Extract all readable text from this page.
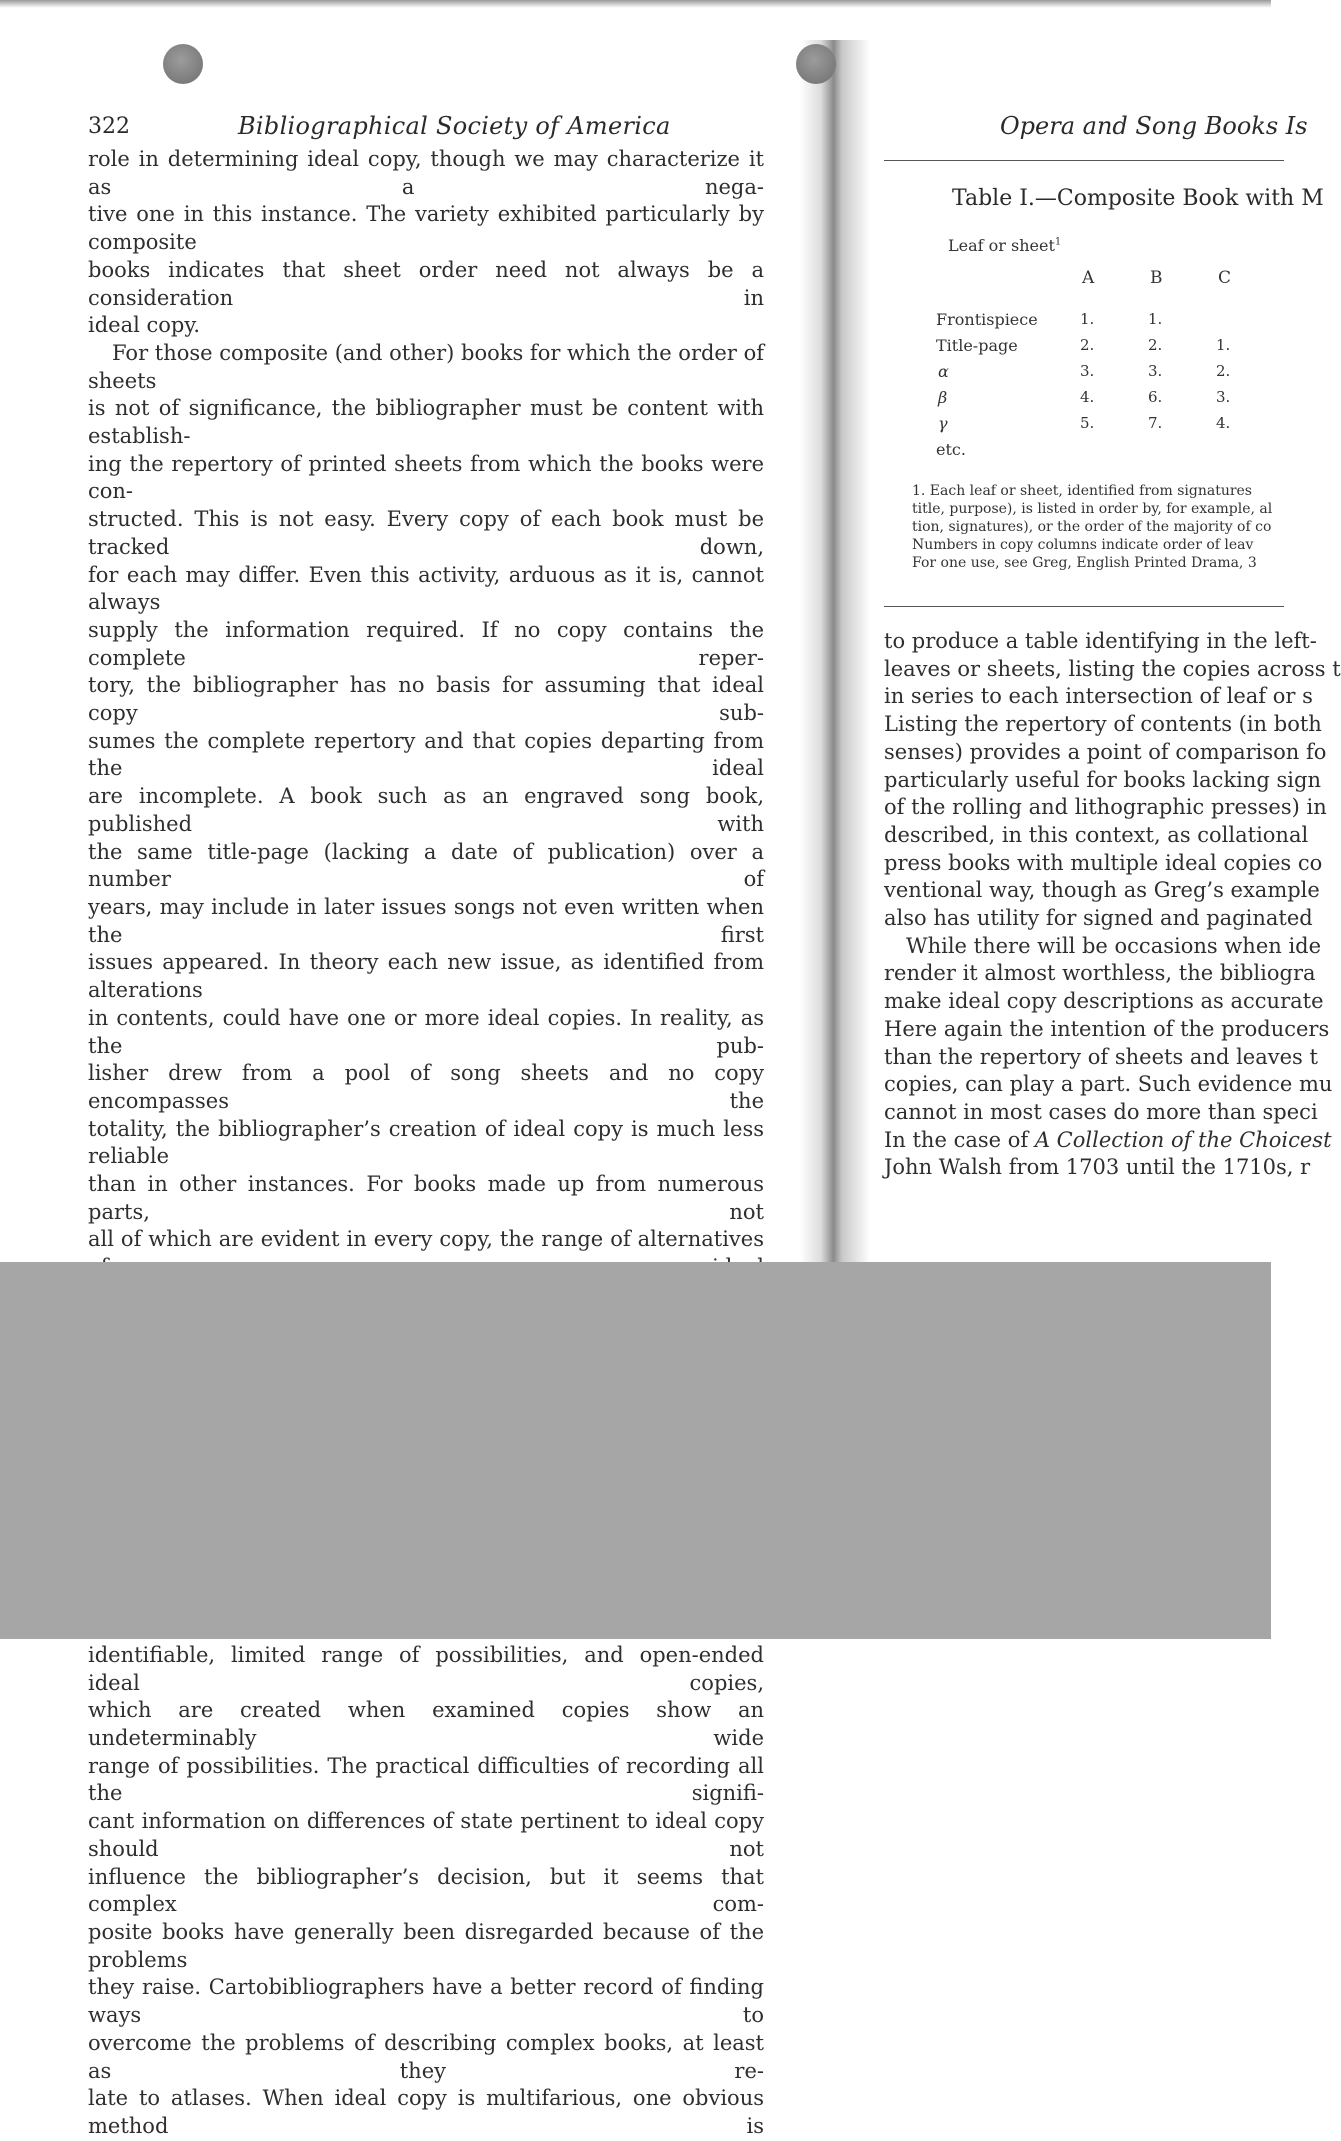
322	Bibliographical Society of America

role in determining ideal copy, though we may characterize it as a nega-

tive one in this instance. The variety exhibited particularly by composite

books indicates that sheet order need not always be a consideration in

ideal copy.

For those composite (and other) books for which the order of sheets

is not of significance, the bibliographer must be content with establish-

ing the repertory of printed sheets from which the books were con-

structed. This is not easy. Every copy of each book must be tracked down,

for each may differ. Even this activity, arduous as it is, cannot always

supply the information required. If no copy contains the complete reper-

tory, the bibliographer has no basis for assuming that ideal copy sub-

sumes the complete repertory and that copies departing from the ideal

are incomplete. A book such as an engraved song book, published with

the same title-page (lacking a date of publication) over a number of

years, may include in later issues songs not even written when the first

issues appeared. In theory each new issue, as identified from alterations

in contents, could have one or more ideal copies. In reality, as the pub-

lisher drew from a pool of song sheets and no copy encompasses the

totality, the bibliographer’s creation of ideal copy is much less reliable

than in other instances. For books made up from numerous parts, not

all of which are evident in every copy, the range of alternatives

identifiable, limited range of possibilities, and open-ended ideal copies,

which are created when examined copies show an undeterminably wide

range of possibilities. The practical difficulties of recording all the signifi-

cant information on differences of state pertinent to ideal copy should not

influence the bibliographer’s decision, but it seems that complex com-

posite books have generally been disregarded because of the problems

they raise. Cartobibliographers have a better record of finding ways to

overcome the problems of describing complex books, at least as they re-

late to atlases. When ideal copy is multifarious, one obvious method is

Opera and Song Books Is
Table I.—Composite Book with M
Leaf or sheet$^1$
A	B	C
Frontispiece	1.	1.
Title-page	2.	2.	1.
α	3.	3.	2.
β	4.	6.	3.
γ	5.	7.	4.
etc.
1. Each leaf or sheet, identified from signatures
title, purpose), is listed in order by, for example, al
tion, signatures), or the order of the majority of co
Numbers in copy columns indicate order of leav
For one use, see Greg, English Printed Drama, 3

to produce a table identifying in the left-

leaves or sheets, listing the copies across t

in series to each intersection of leaf or s

Listing the repertory of contents (in both

senses) provides a point of comparison fo

particularly useful for books lacking sign

of the rolling and lithographic presses) in

described, in this context, as collational

press books with multiple ideal copies co

ventional way, though as Greg’s example

also has utility for signed and paginated

While there will be occasions when ide

render it almost worthless, the bibliogra

make ideal copy descriptions as accurate

Here again the intention of the producers

than the repertory of sheets and leaves t

copies, can play a part. Such evidence mu

cannot in most cases do more than speci

In the case of A Collection of the Choicest

John Walsh from 1703 until the 1710s, r
